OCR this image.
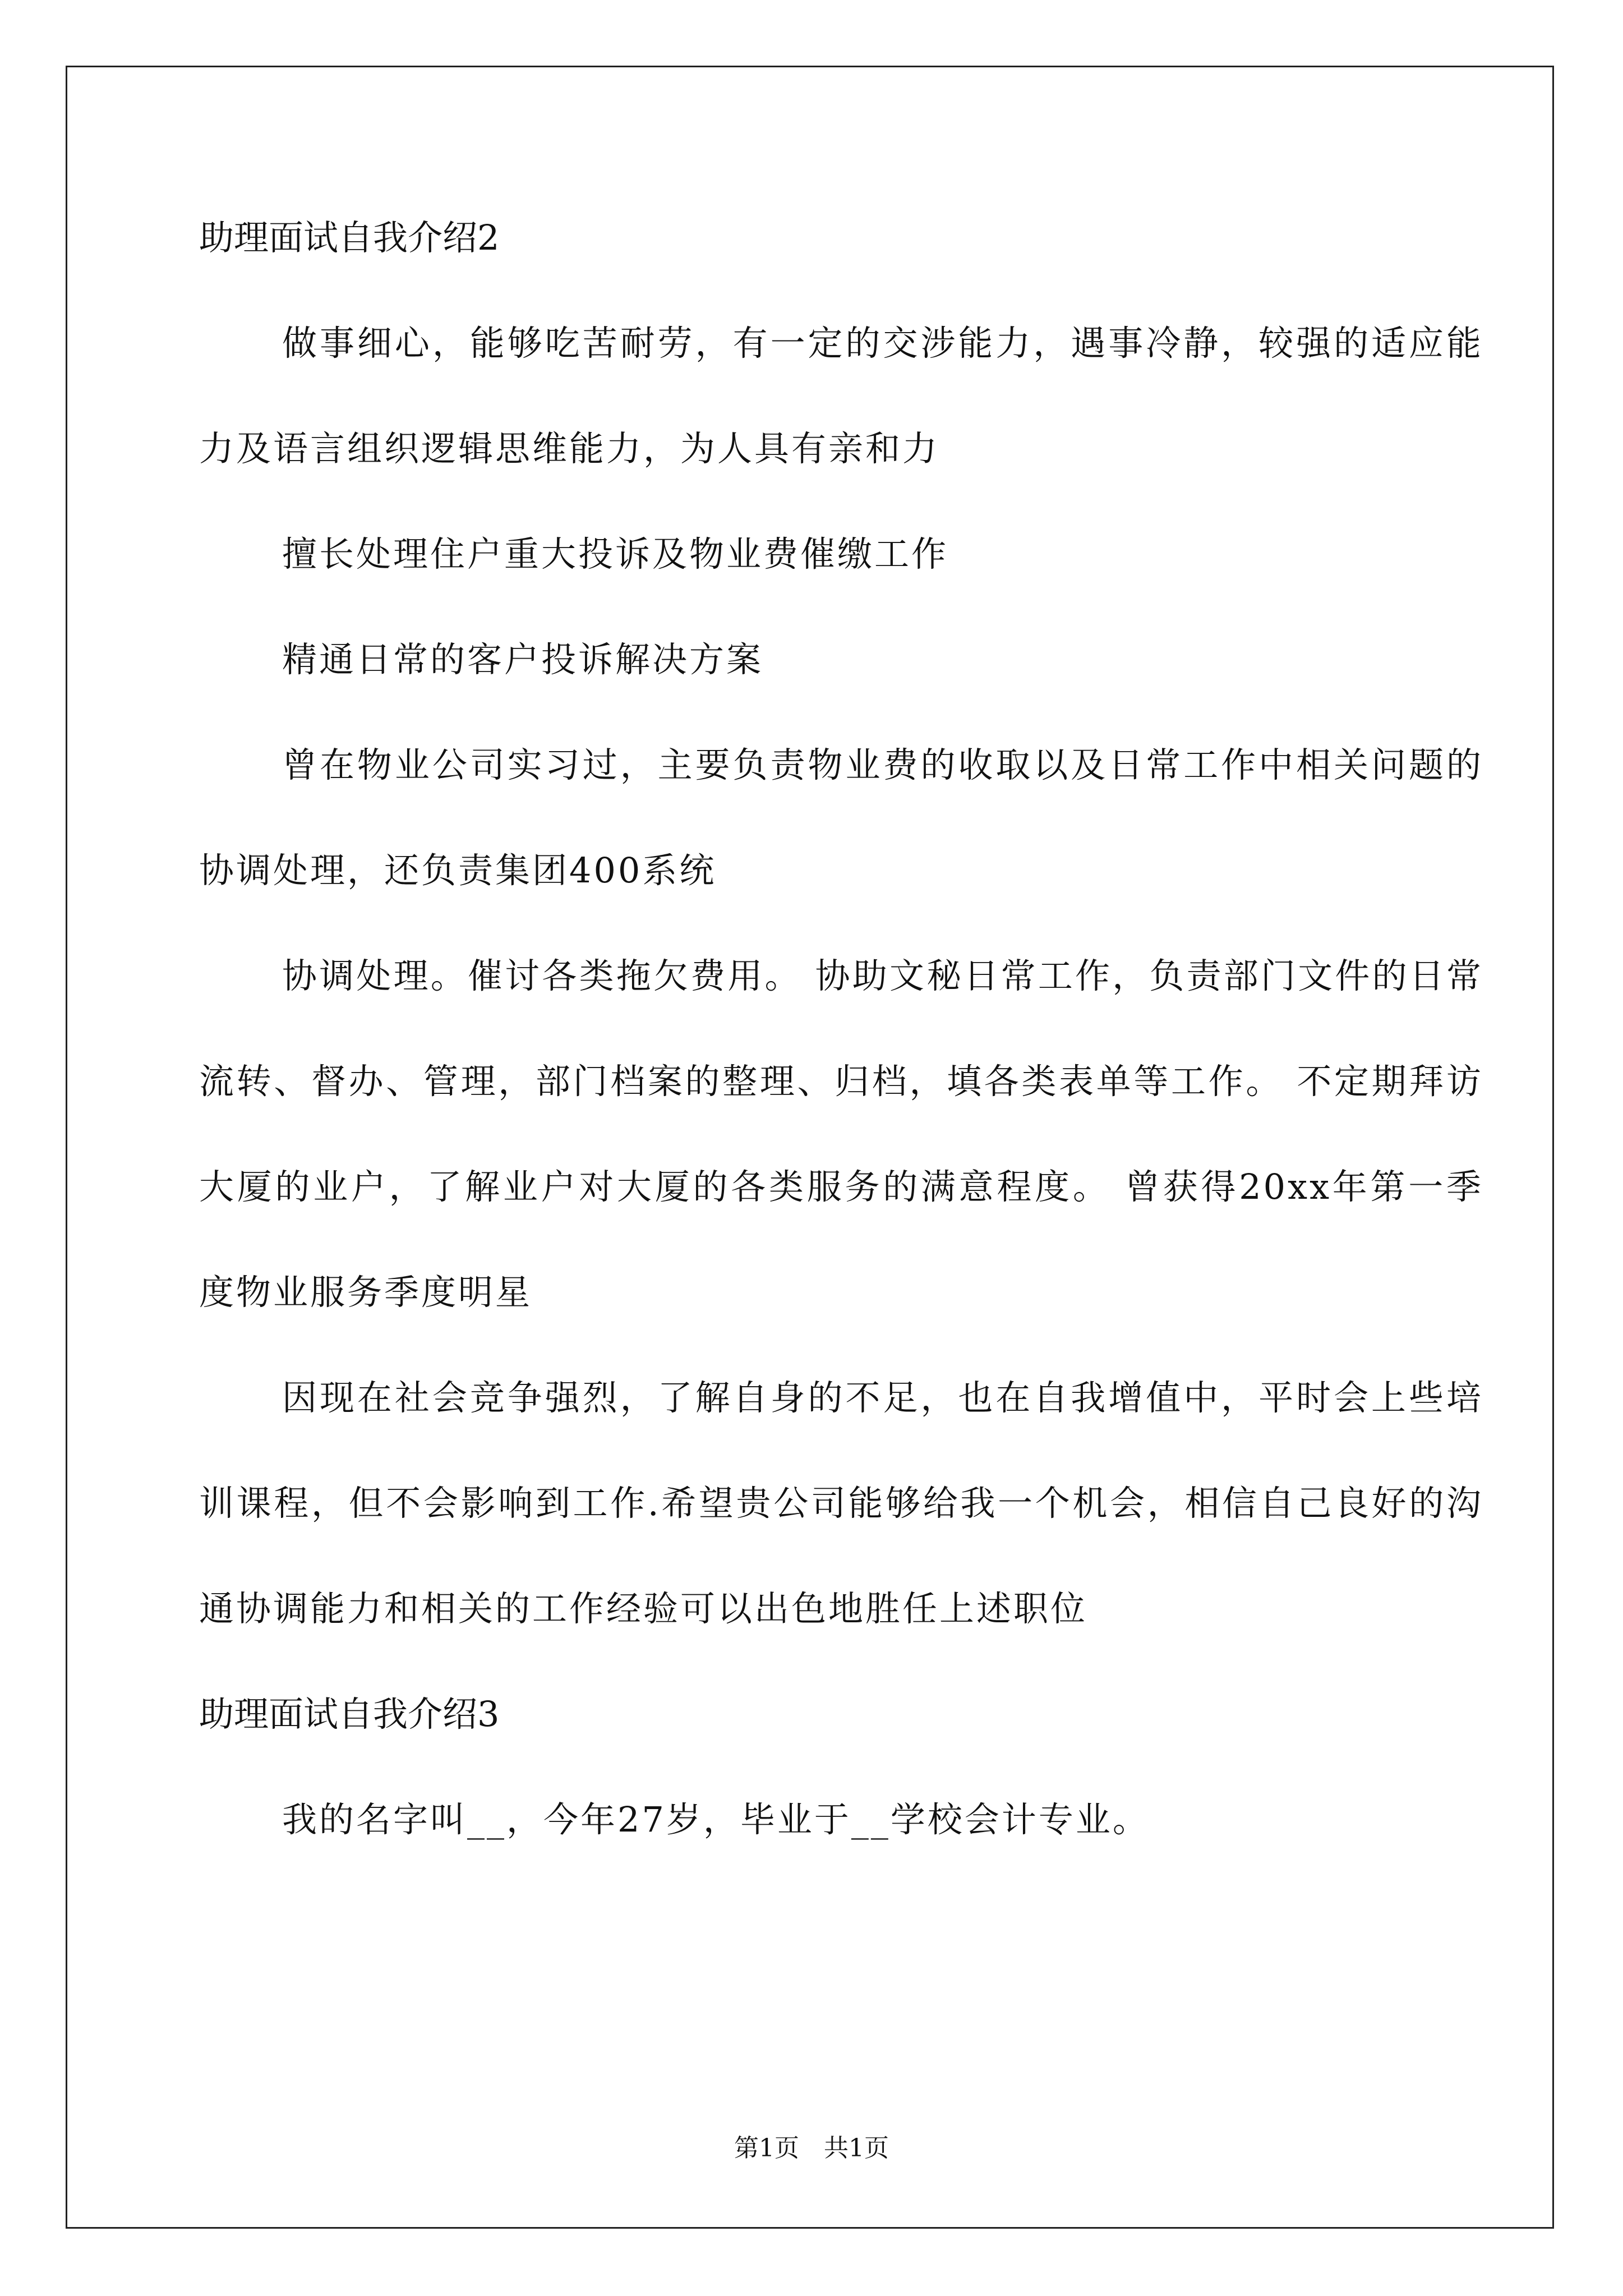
助理面试自我介绍2

做事细心，能够吃苦耐劳，有一定的交涉能力，遇事冷静，较强的适应能力及语言组织逻辑思维能力，为人具有亲和力

擅长处理住户重大投诉及物业费催缴工作

精通日常的客户投诉解决方案

曾在物业公司实习过，主要负责物业费的收取以及日常工作中相关问题的协调处理，还负责集团400系统

协调处理。催讨各类拖欠费用。 协助文秘日常工作，负责部门文件的日常流转、督办、管理，部门档案的整理、归档，填各类表单等工作。 不定期拜访大厦的业户，了解业户对大厦的各类服务的满意程度。 曾获得20xx年第一季度物业服务季度明星

因现在社会竞争强烈，了解自身的不足，也在自我增值中，平时会上些培训课程，但不会影响到工作.希望贵公司能够给我一个机会，相信自己良好的沟通协调能力和相关的工作经验可以出色地胜任上述职位

助理面试自我介绍3

我的名字叫__，今年27岁，毕业于__学校会计专业。

第1页　共1页
